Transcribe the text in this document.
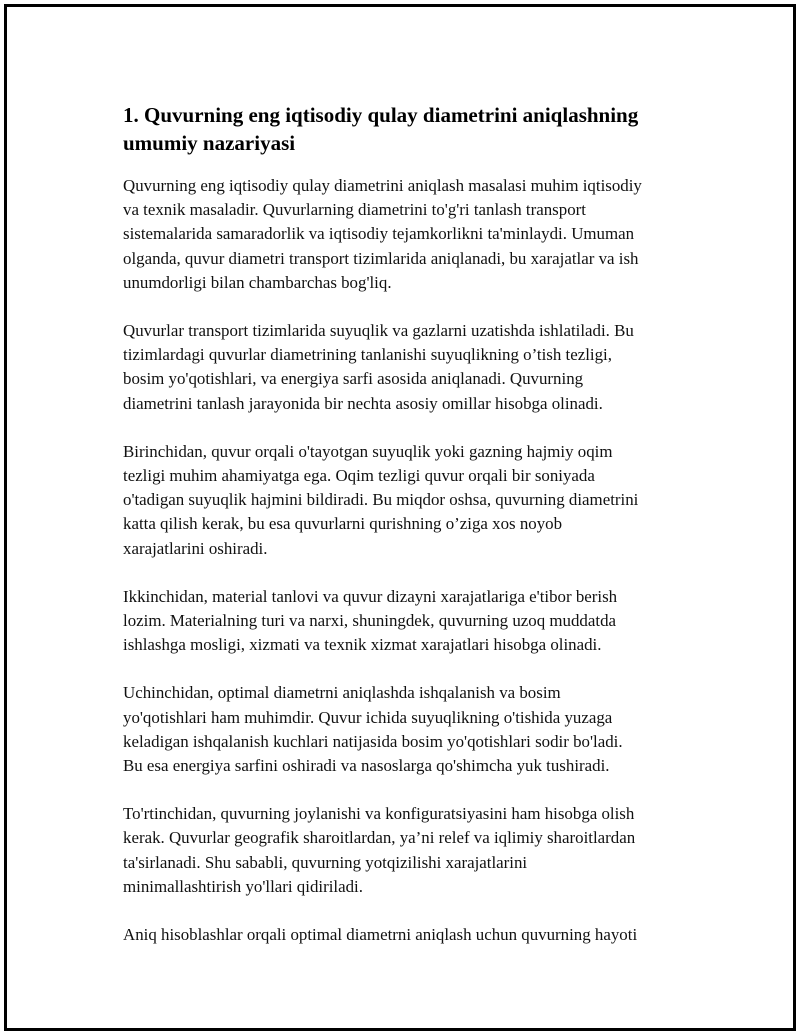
1. Quvurning eng iqtisodiy qulay diametrini aniqlashning
umumiy nazariyasi

Quvurning eng iqtisodiy qulay diametrini aniqlash masalasi muhim iqtisodiy
va texnik masaladir. Quvurlarning diametrini to'g'ri tanlash transport
sistemalarida samaradorlik va iqtisodiy tejamkorlikni ta'minlaydi. Umuman
olganda, quvur diametri transport tizimlarida aniqlanadi, bu xarajatlar va ish
unumdorligi bilan chambarchas bog'liq.

Quvurlar transport tizimlarida suyuqlik va gazlarni uzatishda ishlatiladi. Bu
tizimlardagi quvurlar diametrining tanlanishi suyuqlikning o’tish tezligi,
bosim yo'qotishlari, va energiya sarfi asosida aniqlanadi. Quvurning
diametrini tanlash jarayonida bir nechta asosiy omillar hisobga olinadi.

Birinchidan, quvur orqali o'tayotgan suyuqlik yoki gazning hajmiy oqim
tezligi muhim ahamiyatga ega. Oqim tezligi quvur orqali bir soniyada
o'tadigan suyuqlik hajmini bildiradi. Bu miqdor oshsa, quvurning diametrini
katta qilish kerak, bu esa quvurlarni qurishning o’ziga xos noyob
xarajatlarini oshiradi.

Ikkinchidan, material tanlovi va quvur dizayni xarajatlariga e'tibor berish
lozim. Materialning turi va narxi, shuningdek, quvurning uzoq muddatda
ishlashga mosligi, xizmati va texnik xizmat xarajatlari hisobga olinadi.

Uchinchidan, optimal diametrni aniqlashda ishqalanish va bosim
yo'qotishlari ham muhimdir. Quvur ichida suyuqlikning o'tishida yuzaga
keladigan ishqalanish kuchlari natijasida bosim yo'qotishlari sodir bo'ladi.
Bu esa energiya sarfini oshiradi va nasoslarga qo'shimcha yuk tushiradi.

To'rtinchidan, quvurning joylanishi va konfiguratsiyasini ham hisobga olish
kerak. Quvurlar geografik sharoitlardan, ya’ni relef va iqlimiy sharoitlardan
ta'sirlanadi. Shu sababli, quvurning yotqizilishi xarajatlarini
minimallashtirish yo'llari qidiriladi.

Aniq hisoblashlar orqali optimal diametrni aniqlash uchun quvurning hayoti
